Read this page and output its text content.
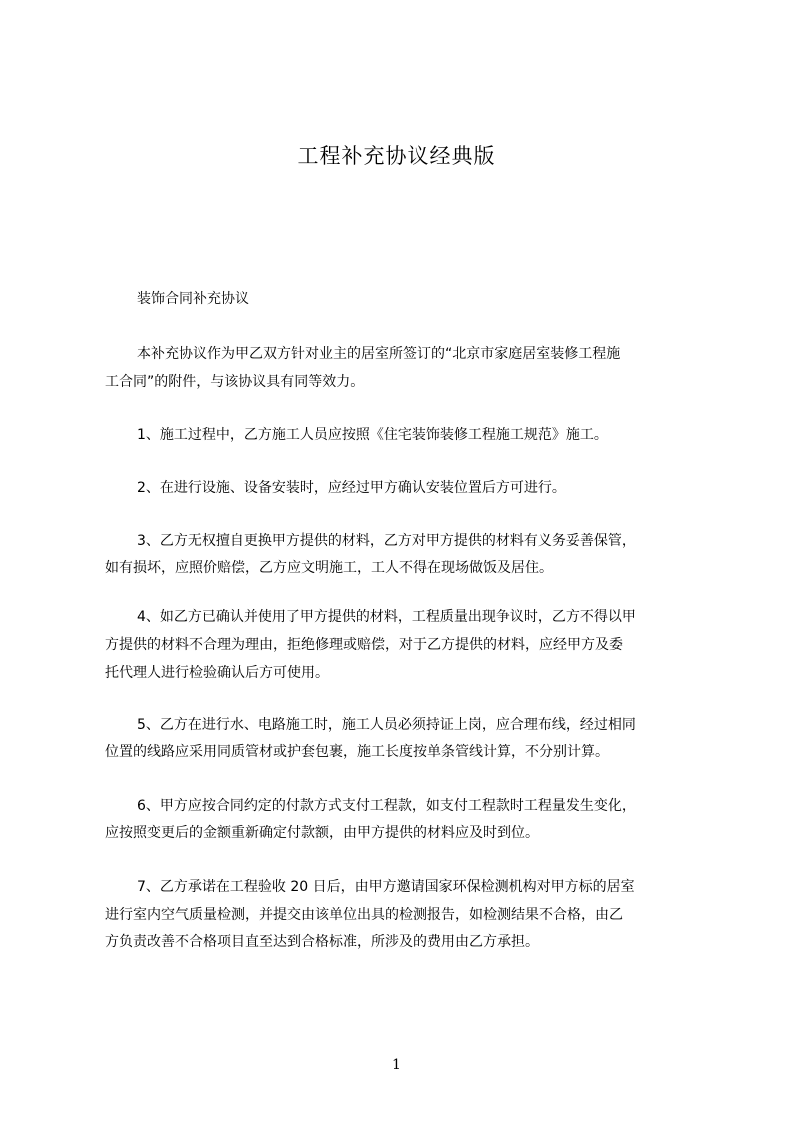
工程补充协议经典版
装饰合同补充协议
本补充协议作为甲乙双方针对业主的居室所签订的“北京市家庭居室装修工程施
工合同”的附件，与该协议具有同等效力。
1、施工过程中，乙方施工人员应按照《住宅装饰装修工程施工规范》施工。
2、在进行设施、设备安装时，应经过甲方确认安装位置后方可进行。
3、乙方无权擅自更换甲方提供的材料，乙方对甲方提供的材料有义务妥善保管，
如有损坏，应照价赔偿，乙方应文明施工，工人不得在现场做饭及居住。
4、如乙方已确认并使用了甲方提供的材料，工程质量出现争议时，乙方不得以甲
方提供的材料不合理为理由，拒绝修理或赔偿，对于乙方提供的材料，应经甲方及委
托代理人进行检验确认后方可使用。
5、乙方在进行水、电路施工时，施工人员必须持证上岗，应合理布线，经过相同
位置的线路应采用同质管材或护套包裹，施工长度按单条管线计算，不分别计算。
6、甲方应按合同约定的付款方式支付工程款，如支付工程款时工程量发生变化，
应按照变更后的金额重新确定付款额，由甲方提供的材料应及时到位。
7、乙方承诺在工程验收 20 日后，由甲方邀请国家环保检测机构对甲方标的居室
进行室内空气质量检测，并提交由该单位出具的检测报告，如检测结果不合格，由乙
方负责改善不合格项目直至达到合格标准，所涉及的费用由乙方承担。
1
